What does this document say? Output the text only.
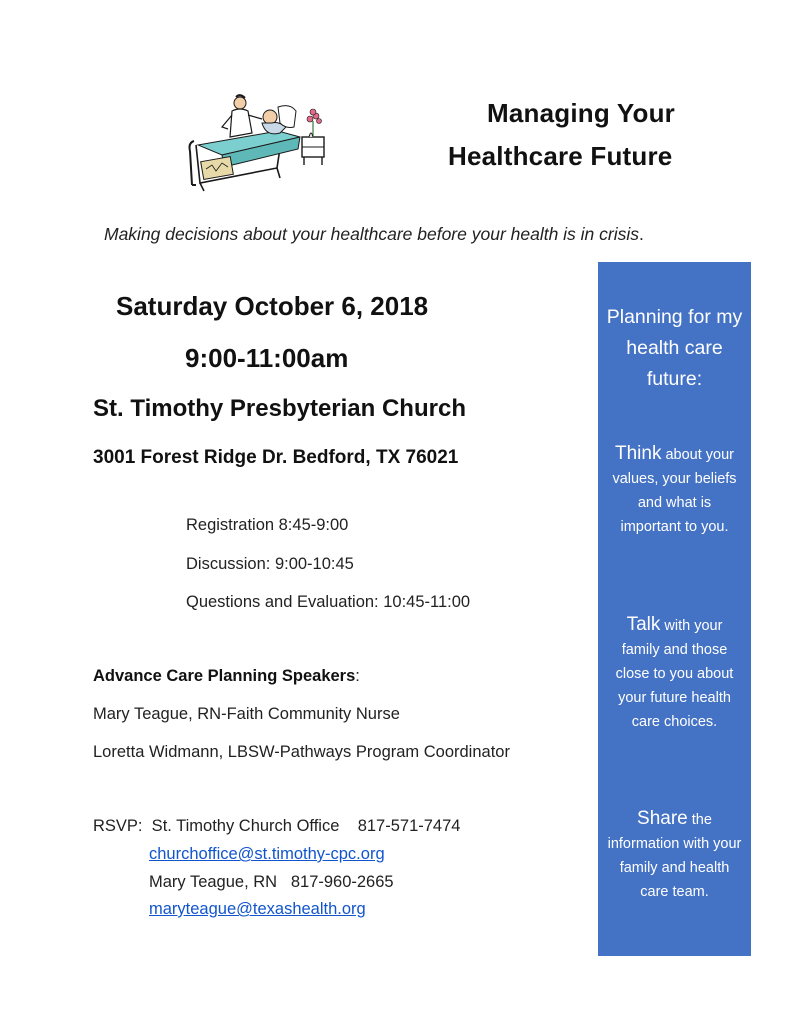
Managing Your
Healthcare Future
Making decisions about your healthcare before your health is in crisis.
Saturday October 6, 2018
9:00-11:00am
St. Timothy Presbyterian Church
3001 Forest Ridge Dr. Bedford, TX 76021
Registration 8:45-9:00
Discussion: 9:00-10:45
Questions and Evaluation: 10:45-11:00
Advance Care Planning Speakers:
Mary Teague, RN-Faith Community Nurse
Loretta Widmann, LBSW-Pathways Program Coordinator
RSVP:  St. Timothy Church Office    817-571-7474
churchoffice@st.timothy-cpc.org
Mary Teague, RN   817-960-2665
maryteague@texashealth.org
Planning for my health care future:
Think about your values, your beliefs and what is important to you.
Talk with your family and those close to you about your future health care choices.
Share the information with your family and health care team.
